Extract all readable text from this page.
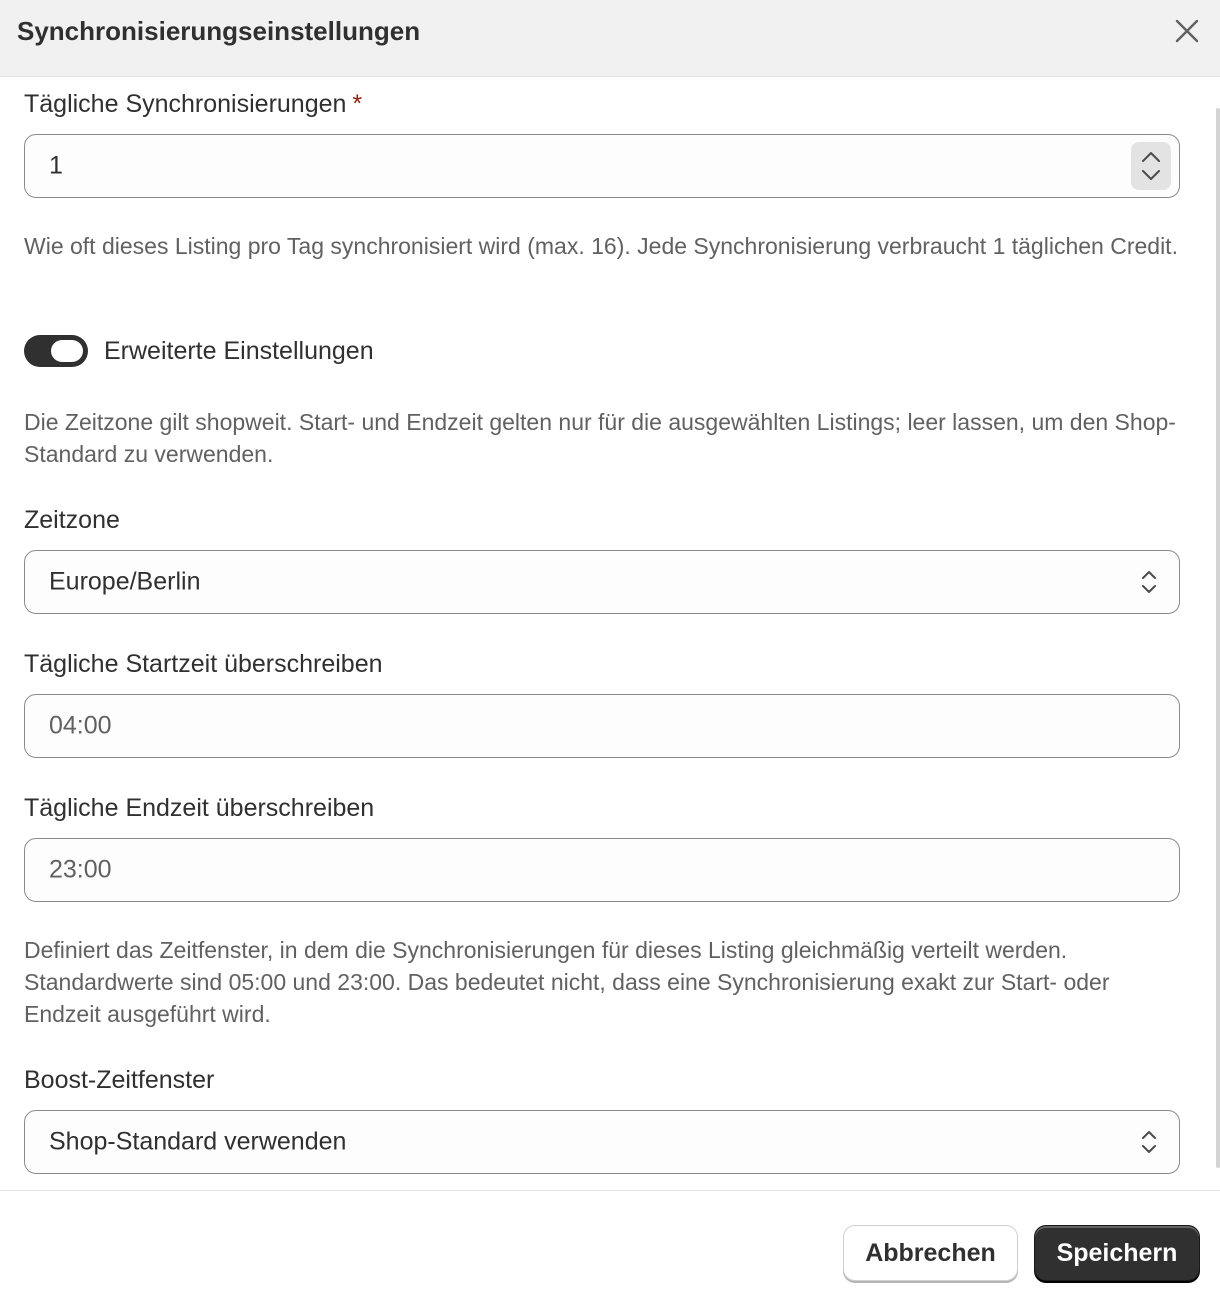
Synchronisierungseinstellungen
Tägliche Synchronisierungen *
1
Wie oft dieses Listing pro Tag synchronisiert wird (max. 16). Jede Synchronisierung verbraucht 1 täglichen Credit.
Erweiterte Einstellungen
Die Zeitzone gilt shopweit. Start- und Endzeit gelten nur für die ausgewählten Listings; leer lassen, um den Shop-Standard zu verwenden.
Zeitzone
Europe/Berlin
Tägliche Startzeit überschreiben
04:00
Tägliche Endzeit überschreiben
23:00
Definiert das Zeitfenster, in dem die Synchronisierungen für dieses Listing gleichmäßig verteilt werden. Standardwerte sind 05:00 und 23:00. Das bedeutet nicht, dass eine Synchronisierung exakt zur Start- oder Endzeit ausgeführt wird.
Boost-Zeitfenster
Shop-Standard verwenden
Abbrechen	Speichern
